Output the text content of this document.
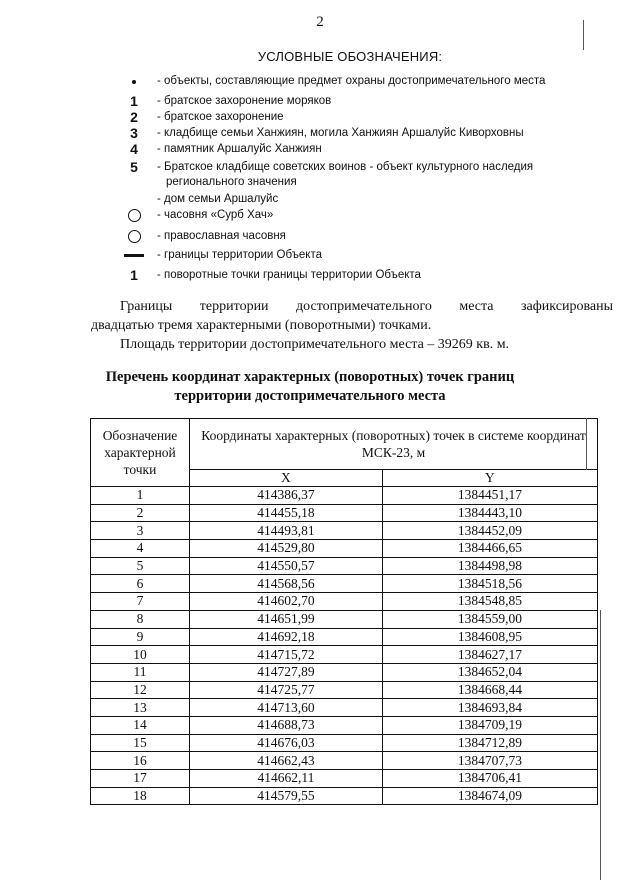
2
УСЛОВНЫЕ ОБОЗНАЧЕНИЯ:
- объекты, составляющие предмет охраны достопримечательного места
1	- братское захоронение моряков
2	- братское захоронение
3	- кладбище семьи Ханжиян, могила Ханжиян Аршалуйс Киворховны
4	- памятник Аршалуйс Ханжиян
5	- Братское кладбище советских воинов - объект культурного наследия
регионального значения
- дом семьи Аршалуйс
- часовня «Сурб Хач»
- православная часовня
- границы территории Объекта
1	- поворотные точки границы территории Объекта
Границы территории достопримечательного места зафиксированы
двадцатью тремя характерными (поворотными) точками.
Площадь территории достопримечательного места – 39269 кв. м.
Перечень координат характерных (поворотных) точек границ территории достопримечательного места
Обозначение характерной точки	Координаты характерных (поворотных) точек в системе координат МСК-23, м	
	X	Y
1	414386,37	1384451,17
2	414455,18	1384443,10
3	414493,81	1384452,09
4	414529,80	1384466,65
5	414550,57	1384498,98
6	414568,56	1384518,56
7	414602,70	1384548,85
8	414651,99	1384559,00
9	414692,18	1384608,95
10	414715,72	1384627,17
11	414727,89	1384652,04
12	414725,77	1384668,44
13	414713,60	1384693,84
14	414688,73	1384709,19
15	414676,03	1384712,89
16	414662,43	1384707,73
17	414662,11	1384706,41
18	414579,55	1384674,09
